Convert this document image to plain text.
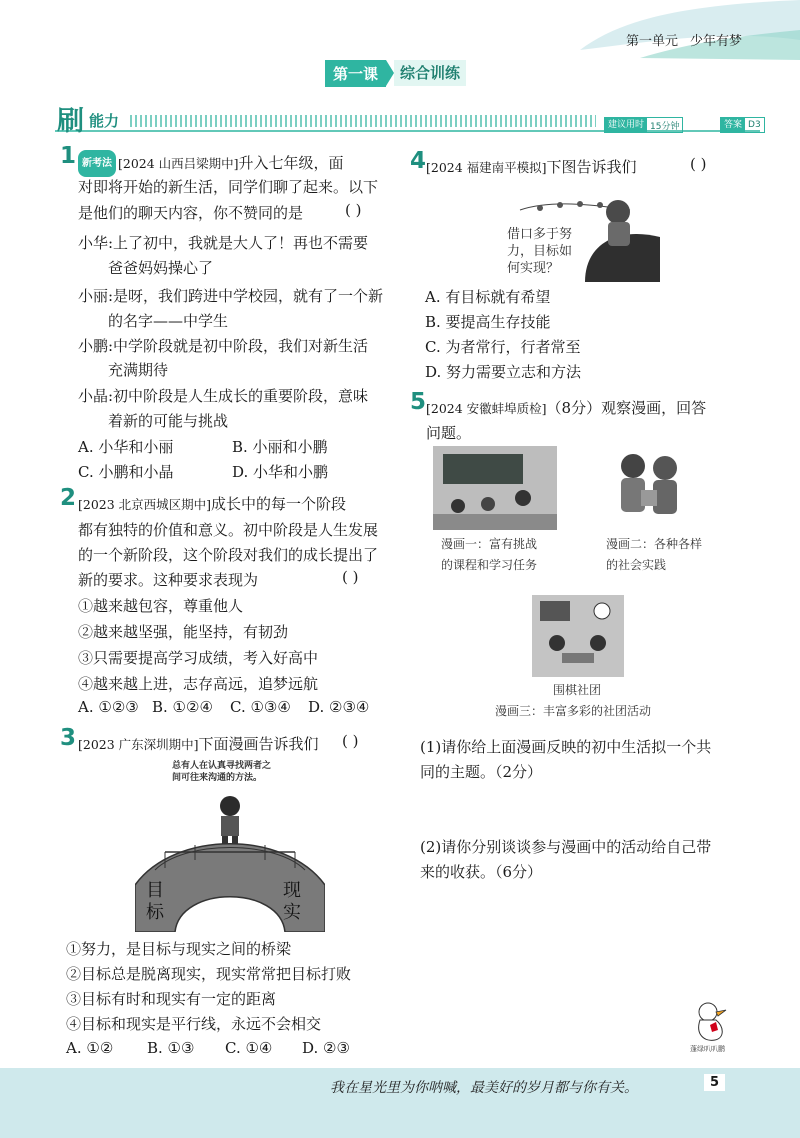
第一单元 少年有梦
第一课	综合训练
刷 能力	建议用时 15分钟	答案 D3
1 新考法 [2024 山西吕梁期中]升入七年级，面
对即将开始的新生活，同学们聊了起来。以下
是他们的聊天内容，你不赞同的是	( )
小华:上了初中，我就是大人了！再也不需要
爸爸妈妈操心了
小丽:是呀，我们跨进中学校园，就有了一个新
的名字——中学生
小鹏:中学阶段就是初中阶段，我们对新生活
充满期待
小晶:初中阶段是人生成长的重要阶段，意味
着新的可能与挑战
A. 小华和小丽	B. 小丽和小鹏
C. 小鹏和小晶	D. 小华和小鹏
2 [2023 北京西城区期中]成长中的每一个阶段
都有独特的价值和意义。初中阶段是人生发展
的一个新阶段，这个阶段对我们的成长提出了
新的要求。这种要求表现为	( )
①越来越包容，尊重他人
②越来越坚强，能坚持，有韧劲
③只需要提高学习成绩，考入好高中
④越来越上进，志存高远，追梦远航
A. ①②③ B. ①②④ C. ①③④ D. ②③④
3 [2023 广东深圳期中]下面漫画告诉我们	( )
总有人在认真寻找两者之
间可往来沟通的方法。
目标
现实
①努力，是目标与现实之间的桥梁
②目标总是脱离现实，现实常常把目标打败
③目标有时和现实有一定的距离
④目标和现实是平行线，永远不会相交
A. ①② B. ①③ C. ①④ D. ②③
4 [2024 福建南平模拟]下图告诉我们	( )
借口多于努
力，目标如
何实现？
A. 有目标就有希望
B. 要提高生存技能
C. 为者常行，行者常至
D. 努力需要立志和方法
5 [2024 安徽蚌埠质检]（8分）观察漫画，回答
问题。
漫画一：富有挑战
的课程和学习任务
漫画二：各种各样
的社会实践
围棋社团
漫画三：丰富多彩的社团活动
(1)请你给上面漫画反映的初中生活拟一个共
同的主题。（2分）
(2)请你分别谈谈参与漫画中的活动给自己带
来的收获。（6分）
蓬绿叭叭鹏
我在星光里为你呐喊，最美好的岁月都与你有关。	5
